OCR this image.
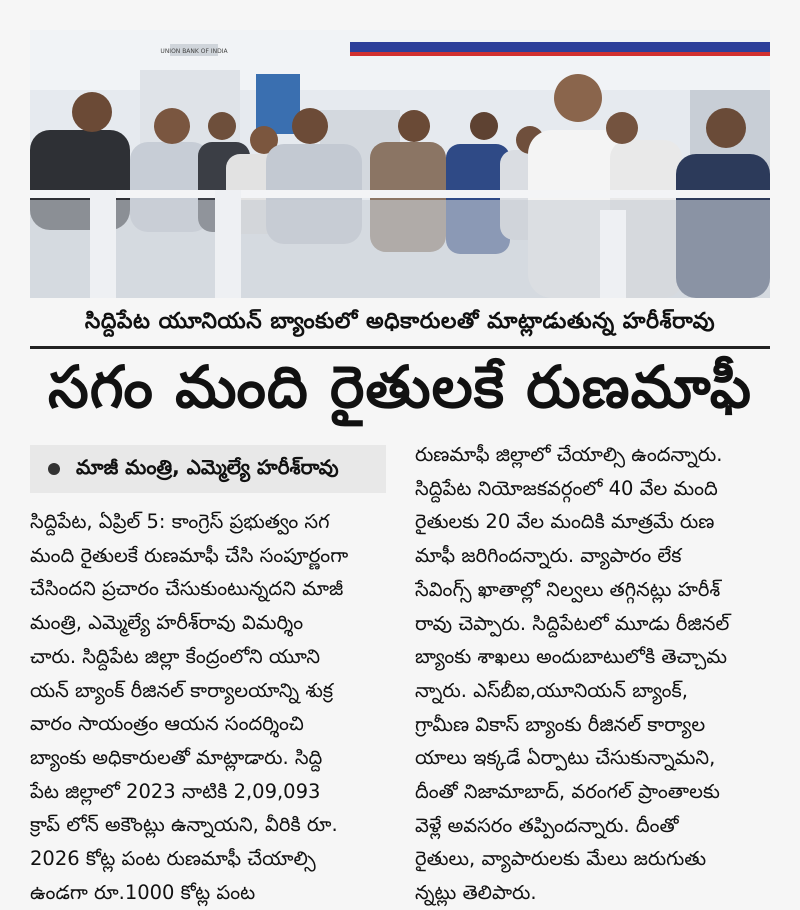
UNION BANK OF INDIA
సిద్దిపేట యూనియన్ బ్యాంకులో అధికారులతో మాట్లాడుతున్న హరీశ్‌రావు
సగం మంది రైతులకే రుణమాఫీ
మాజీ మంత్రి, ఎమ్మెల్యే హరీశ్‌రావు
సిద్దిపేట, ఏప్రిల్ 5: కాంగ్రెస్ ప్రభుత్వం సగ
మంది రైతులకే రుణమాఫీ చేసి సంపూర్ణంగా
చేసిందని ప్రచారం చేసుకుంటున్నదని మాజీ
మంత్రి, ఎమ్మెల్యే హరీశ్‌రావు విమర్శిం
చారు. సిద్దిపేట జిల్లా కేంద్రంలోని యూని
యన్ బ్యాంక్ రీజినల్ కార్యాలయాన్ని శుక్ర
వారం సాయంత్రం ఆయన సందర్శించి
బ్యాంకు అధికారులతో మాట్లాడారు. సిద్ది
పేట జిల్లాలో 2023 నాటికి 2,09,093
క్రాప్ లోన్ అకౌంట్లు ఉన్నాయని, వీరికి రూ.
2026 కోట్ల పంట రుణమాఫీ చేయాల్సి
ఉండగా రూ.1000 కోట్ల పంట
రుణమాఫీ జిల్లాలో చేయాల్సి ఉందన్నారు.
సిద్దిపేట నియోజకవర్గంలో 40 వేల మంది
రైతులకు 20 వేల మందికి మాత్రమే రుణ
మాఫీ జరిగిందన్నారు. వ్యాపారం లేక
సేవింగ్స్ ఖాతాల్లో నిల్వలు తగ్గినట్లు హరీశ్
రావు చెప్పారు. సిద్దిపేటలో మూడు రీజినల్
బ్యాంకు శాఖలు అందుబాటులోకి తెచ్చామ
న్నారు. ఎస్‌బీఐ,యూనియన్ బ్యాంక్,
గ్రామీణ వికాస్ బ్యాంకు రీజినల్ కార్యాల
యాలు ఇక్కడే ఏర్పాటు చేసుకున్నామని,
దీంతో నిజామాబాద్, వరంగల్ ప్రాంతాలకు
వెళ్లే అవసరం తప్పిందన్నారు. దీంతో
రైతులు, వ్యాపారులకు మేలు జరుగుతు
న్నట్లు తెలిపారు.
